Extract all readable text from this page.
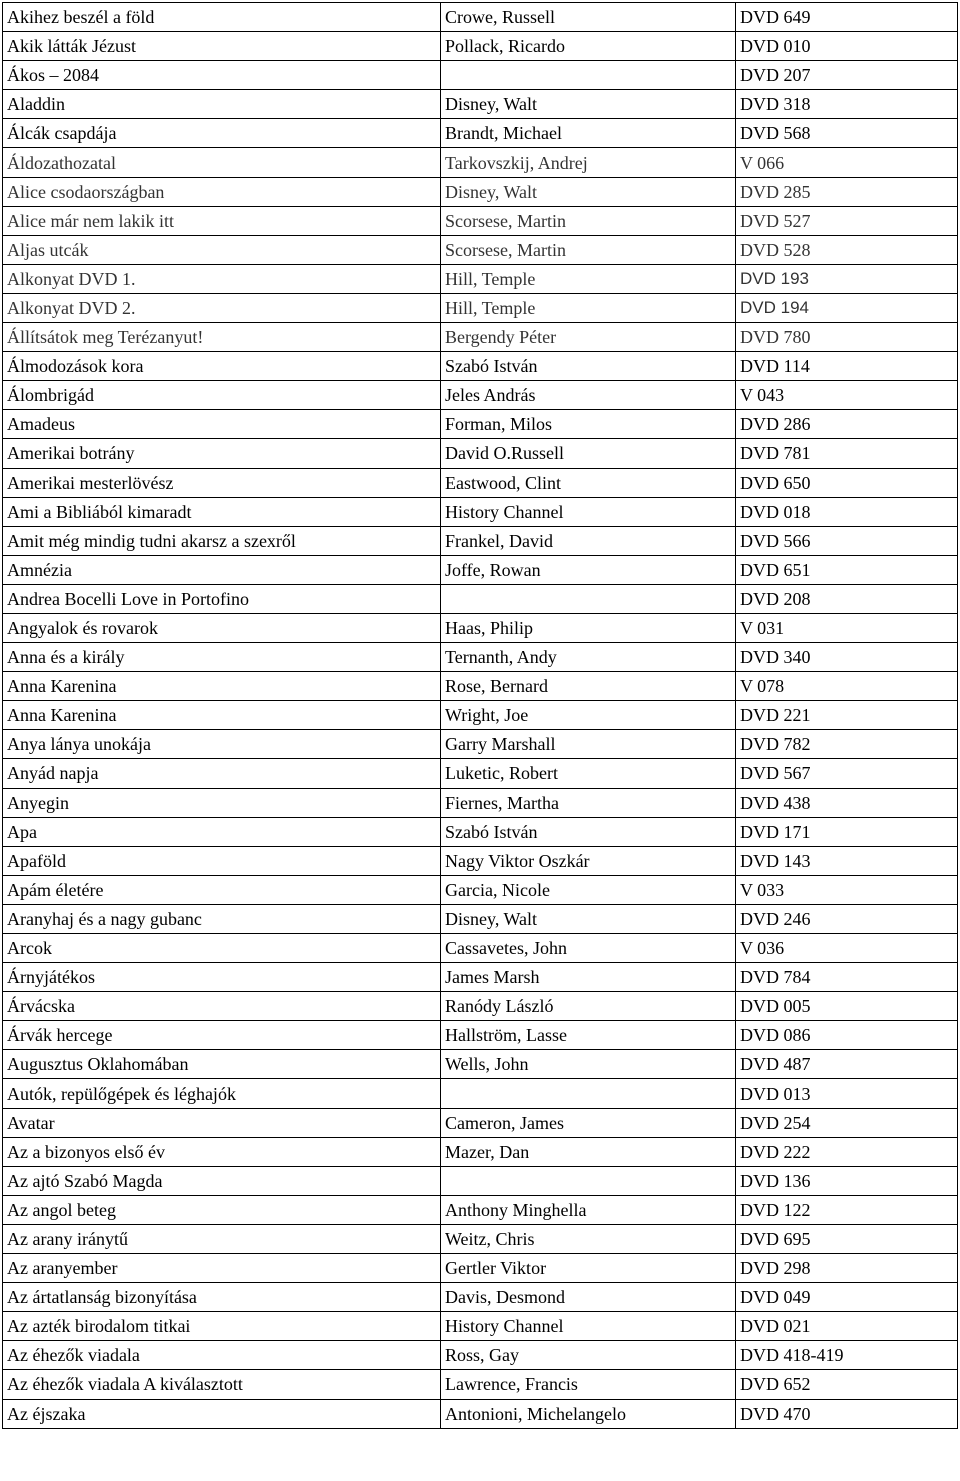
Akihez beszél a föld	Crowe, Russell	DVD 649
Akik látták Jézust	Pollack, Ricardo	DVD 010
Ákos – 2084		DVD 207
Aladdin	Disney, Walt	DVD 318
Álcák csapdája	Brandt, Michael	DVD 568
Áldozathozatal	Tarkovszkij, Andrej	V 066
Alice csodaországban	Disney, Walt	DVD 285
Alice már nem lakik itt	Scorsese, Martin	DVD 527
Aljas utcák	Scorsese, Martin	DVD 528
Alkonyat DVD 1.	Hill, Temple	DVD 193
Alkonyat DVD 2.	Hill, Temple	DVD 194
Állítsátok meg Terézanyut!	Bergendy Péter	DVD 780
Álmodozások kora	Szabó István	DVD 114
Álombrigád	Jeles András	V 043
Amadeus	Forman, Milos	DVD 286
Amerikai botrány	David O.Russell	DVD 781
Amerikai mesterlövész	Eastwood, Clint	DVD 650
Ami a Bibliából kimaradt	History Channel	DVD 018
Amit még mindig tudni akarsz a szexről	Frankel, David	DVD 566
Amnézia	Joffe, Rowan	DVD 651
Andrea Bocelli Love in Portofino		DVD 208
Angyalok és rovarok	Haas, Philip	V 031
Anna és a király	Ternanth, Andy	DVD 340
Anna Karenina	Rose, Bernard	V 078
Anna Karenina	Wright, Joe	DVD 221
Anya lánya unokája	Garry Marshall	DVD 782
Anyád napja	Luketic, Robert	DVD 567
Anyegin	Fiernes, Martha	DVD 438
Apa	Szabó István	DVD 171
Apaföld	Nagy Viktor Oszkár	DVD 143
Apám életére	Garcia, Nicole	V 033
Aranyhaj és a nagy gubanc	Disney, Walt	DVD 246
Arcok	Cassavetes, John	V 036
Árnyjátékos	James Marsh	DVD 784
Árvácska	Ranódy László	DVD 005
Árvák hercege	Hallström, Lasse	DVD 086
Augusztus Oklahomában	Wells, John	DVD 487
Autók, repülőgépek és léghajók		DVD 013
Avatar	Cameron, James	DVD 254
Az a bizonyos első év	Mazer, Dan	DVD 222
Az ajtó Szabó Magda		DVD 136
Az angol beteg	Anthony Minghella	DVD 122
Az arany iránytű	Weitz, Chris	DVD 695
Az aranyember	Gertler Viktor	DVD 298
Az ártatlanság bizonyítása	Davis, Desmond	DVD 049
Az azték birodalom titkai	History Channel	DVD 021
Az éhezők viadala	Ross, Gay	DVD 418-419
Az éhezők viadala A kiválasztott	Lawrence, Francis	DVD 652
Az éjszaka	Antonioni, Michelangelo	DVD 470
